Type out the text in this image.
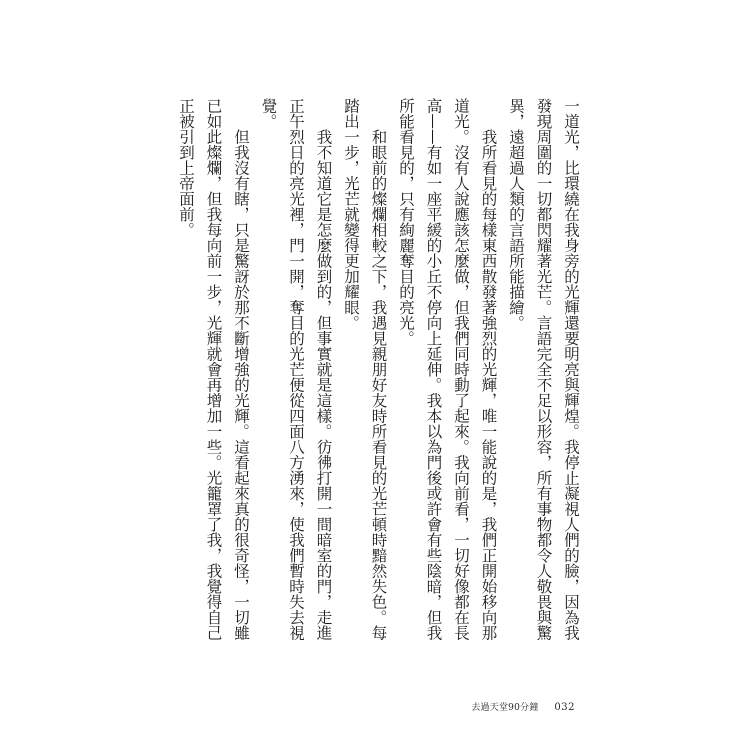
一道光，比環繞在我身旁的光輝還要明亮與輝煌。我停止凝視人們的臉，因為我
發現周圍的一切都閃耀著光芒。言語完全不足以形容，所有事物都令人敬畏與驚
異，遠超過人類的言語所能描繪。
我所看見的每樣東西散發著強烈的光輝，唯一能說的是，我們正開始移向那
道光。沒有人說應該怎麼做，但我們同時動了起來。我向前看，一切好像都在長
高——有如一座平緩的小丘不停向上延伸。我本以為門後或許會有些陰暗，但我
所能看見的，只有絢麗奪目的亮光。
和眼前的燦爛相較之下，我遇見親朋好友時所看見的光芒頓時黯然失色。每
踏出一步，光芒就變得更加耀眼。
我不知道它是怎麼做到的，但事實就是這樣。彷彿打開一間暗室的門，走進
正午烈日的亮光裡，門一開，奪目的光芒便從四面八方湧來，使我們暫時失去視
覺。
但我沒有瞎，只是驚訝於那不斷增強的光輝。這看起來真的很奇怪，一切雖
已如此燦爛，但我每向前一步，光輝就會再增加一些。光籠罩了我，我覺得自己
正被引到上帝面前。
去過天堂90分鐘 032
